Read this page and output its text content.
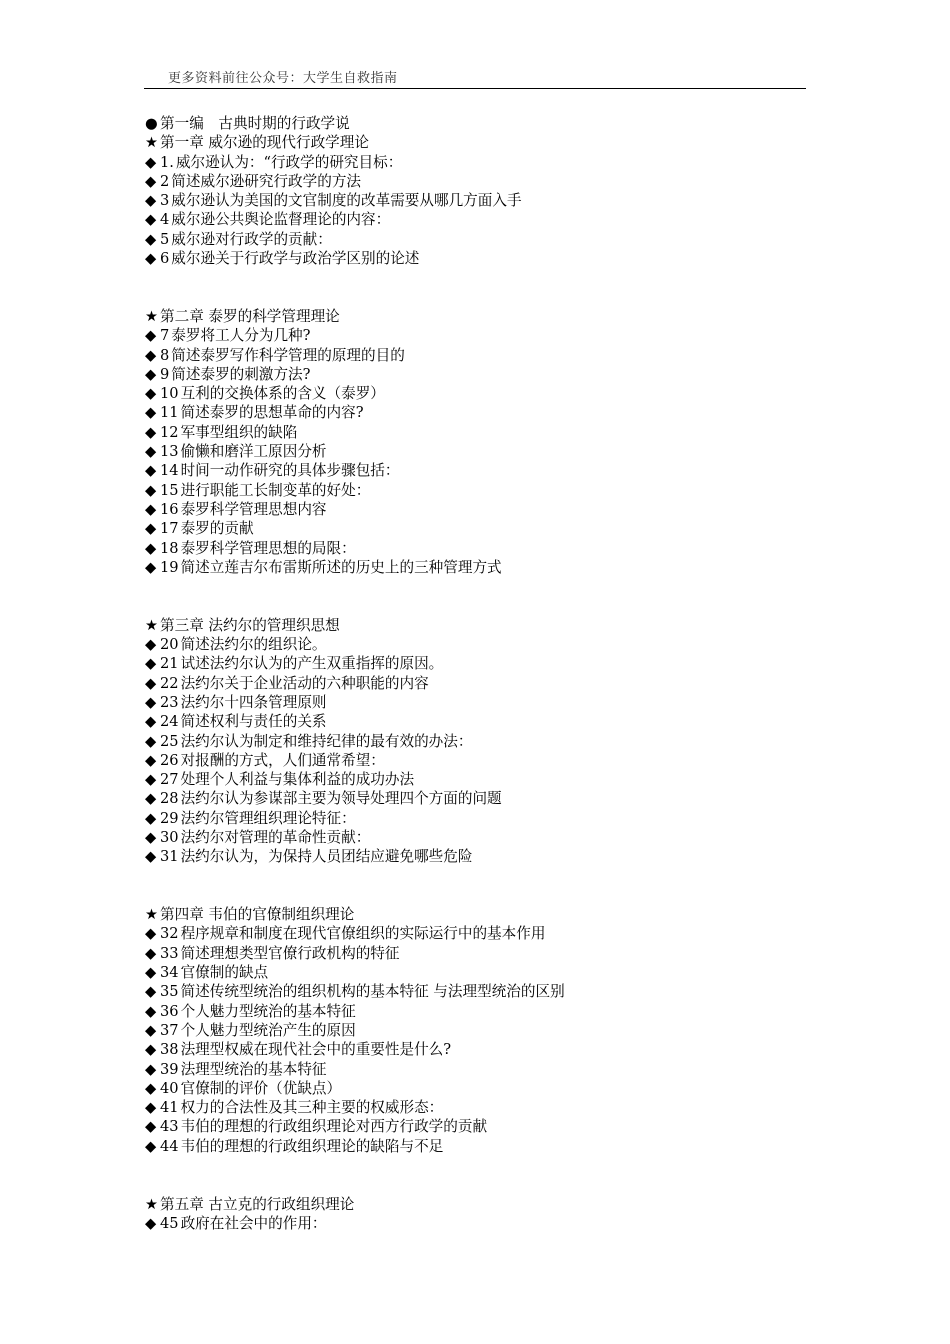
更多资料前往公众号：大学生自救指南
● 第一编　古典时期的行政学说
★ 第一章 威尔逊的现代行政学理论
◆ 1. 威尔逊认为：“行政学的研究目标：
◆ 2 简述威尔逊研究行政学的方法
◆ 3 威尔逊认为美国的文官制度的改革需要从哪几方面入手
◆ 4 威尔逊公共舆论监督理论的内容：
◆ 5 威尔逊对行政学的贡献：
◆ 6 威尔逊关于行政学与政治学区别的论述
★ 第二章 泰罗的科学管理理论
◆ 7 泰罗将工人分为几种?
◆ 8 简述泰罗写作科学管理的原理的目的
◆ 9 简述泰罗的刺激方法?
◆ 10 互利的交换体系的含义（泰罗）
◆ 11 简述泰罗的思想革命的内容?
◆ 12 军事型组织的缺陷
◆ 13 偷懒和磨洋工原因分析
◆ 14 时间一动作研究的具体步骤包括：
◆ 15 进行职能工长制变革的好处：
◆ 16 泰罗科学管理思想内容
◆ 17 泰罗的贡献
◆ 18 泰罗科学管理思想的局限：
◆ 19 简述立莲吉尔布雷斯所述的历史上的三种管理方式
★ 第三章 法约尔的管理织思想
◆ 20 简述法约尔的组织论。
◆ 21 试述法约尔认为的产生双重指挥的原因。
◆ 22 法约尔关于企业活动的六种职能的内容
◆ 23 法约尔十四条管理原则
◆ 24 简述权利与责任的关系
◆ 25 法约尔认为制定和维持纪律的最有效的办法：
◆ 26 对报酬的方式，人们通常希望：
◆ 27 处理个人利益与集体利益的成功办法
◆ 28 法约尔认为参谋部主要为领导处理四个方面的问题
◆ 29 法约尔管理组织理论特征：
◆ 30 法约尔对管理的革命性贡献：
◆ 31 法约尔认为，为保持人员团结应避免哪些危险
★ 第四章 韦伯的官僚制组织理论
◆ 32 程序规章和制度在现代官僚组织的实际运行中的基本作用
◆ 33 简述理想类型官僚行政机构的特征
◆ 34 官僚制的缺点
◆ 35 简述传统型统治的组织机构的基本特征 与法理型统治的区别
◆ 36 个人魅力型统治的基本特征
◆ 37 个人魅力型统治产生的原因
◆ 38 法理型权威在现代社会中的重要性是什么?
◆ 39 法理型统治的基本特征
◆ 40 官僚制的评价（优缺点）
◆ 41 权力的合法性及其三种主要的权威形态：
◆ 43 韦伯的理想的行政组织理论对西方行政学的贡献
◆ 44 韦伯的理想的行政组织理论的缺陷与不足
★ 第五章 古立克的行政组织理论
◆ 45 政府在社会中的作用：
